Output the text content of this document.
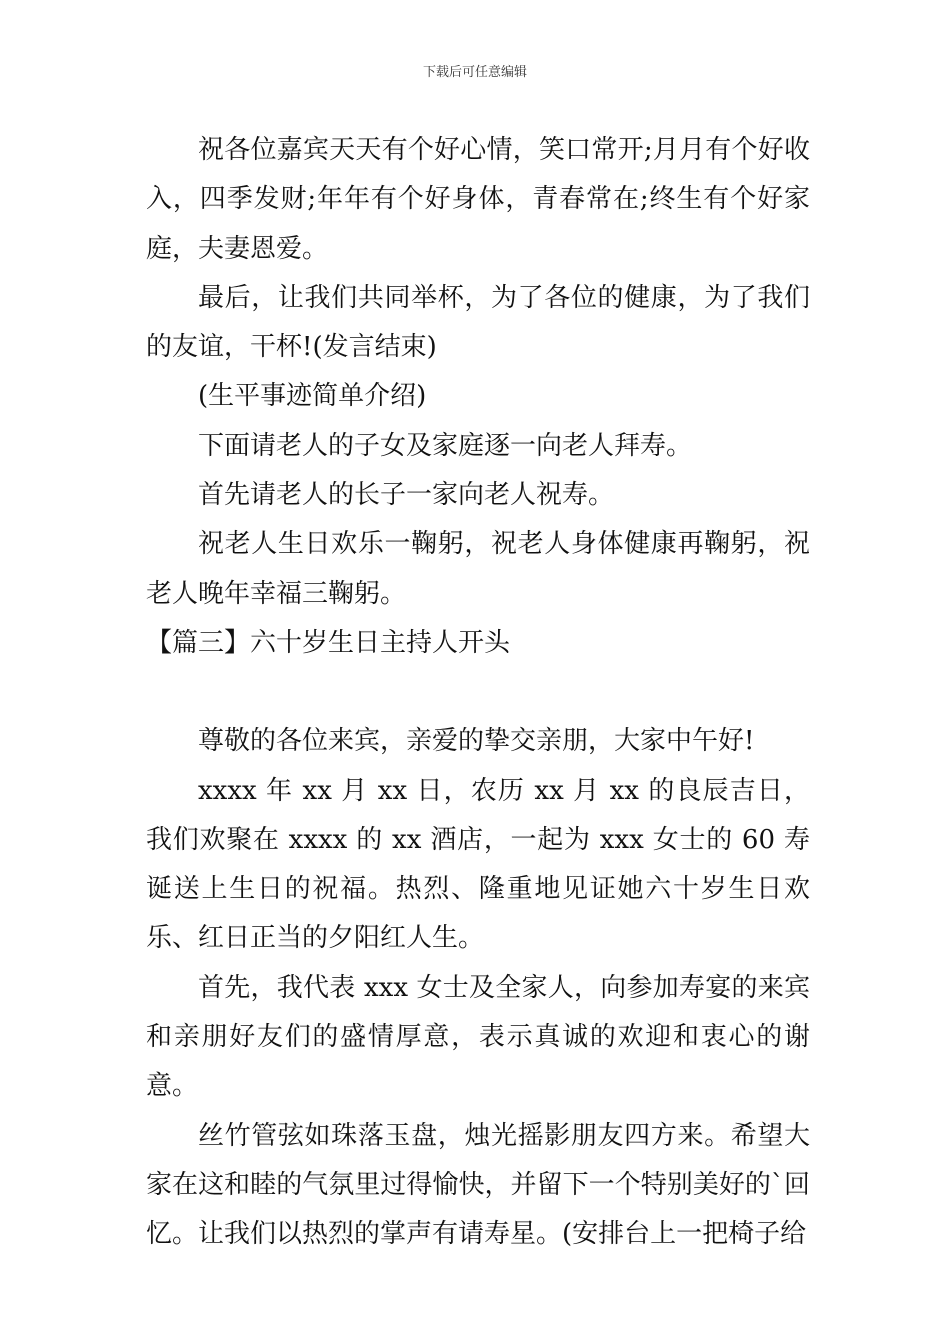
下载后可任意编辑

祝各位嘉宾天天有个好心情，笑口常开;月月有个好收入，四季发财;年年有个好身体，青春常在;终生有个好家庭，夫妻恩爱。

最后，让我们共同举杯，为了各位的健康，为了我们的友谊，干杯!(发言结束)

(生平事迹简单介绍)

下面请老人的子女及家庭逐一向老人拜寿。

首先请老人的长子一家向老人祝寿。

祝老人生日欢乐一鞠躬，祝老人身体健康再鞠躬，祝老人晚年幸福三鞠躬。

【篇三】六十岁生日主持人开头

尊敬的各位来宾，亲爱的挚交亲朋，大家中午好!

xxxx 年 xx 月 xx 日，农历 xx 月 xx 的良辰吉日，我们欢聚在 xxxx 的 xx 酒店，一起为 xxx 女士的 60 寿诞送上生日的祝福。热烈、隆重地见证她六十岁生日欢乐、红日正当的夕阳红人生。

首先，我代表 xxx 女士及全家人，向参加寿宴的来宾和亲朋好友们的盛情厚意，表示真诚的欢迎和衷心的谢意。

丝竹管弦如珠落玉盘，烛光摇影朋友四方来。希望大家在这和睦的气氛里过得愉快，并留下一个特别美好的`回忆。让我们以热烈的掌声有请寿星。(安排台上一把椅子给
